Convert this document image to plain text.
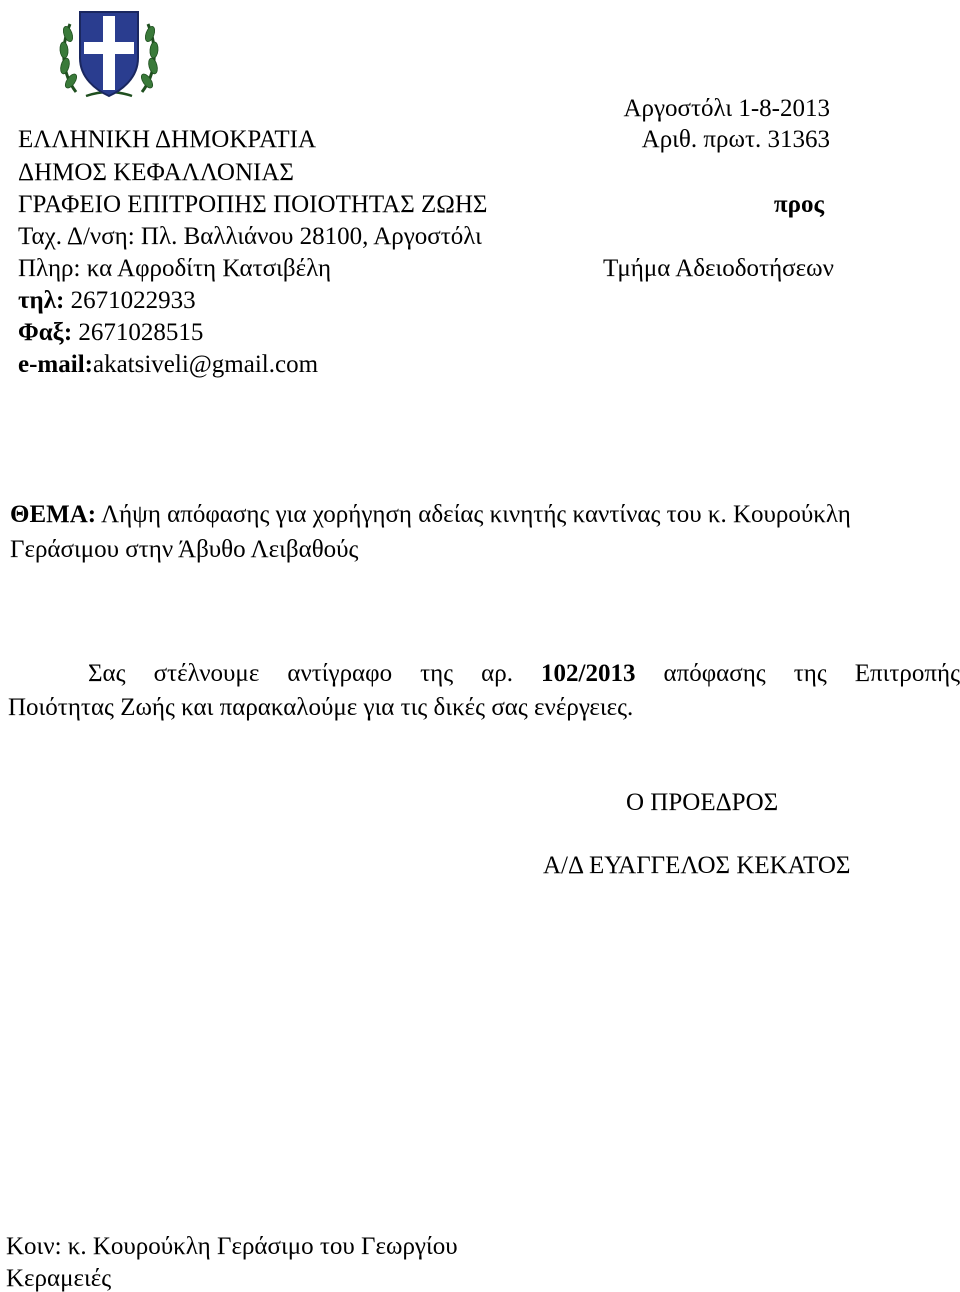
ΕΛΛΗΝΙΚΗ ΔΗΜΟΚΡΑΤΙΑ
ΔΗΜΟΣ ΚΕΦΑΛΛΟΝΙΑΣ
ΓΡΑΦΕΙΟ ΕΠΙΤΡΟΠΗΣ ΠΟΙΟΤΗΤΑΣ ΖΩΗΣ
Ταχ. Δ/νση: Πλ. Βαλλιάνου 28100, Αργοστόλι
Πληρ: κα Αφροδίτη Κατσιβέλη
τηλ: 2671022933
Φαξ: 2671028515
e-mail:akatsiveli@gmail.com
Αργοστόλι 1-8-2013
Αριθ. πρωτ. 31363
προς
Τμήμα Αδειοδοτήσεων
ΘΕΜΑ: Λήψη απόφασης για χορήγηση αδείας κινητής καντίνας του κ. Κουρούκλη
Γεράσιμου στην Άβυθο Λειβαθούς
Σας στέλνουμε αντίγραφο της αρ. 102/2013 απόφασης της Επιτροπής
Ποιότητας Ζωής και παρακαλούμε για τις δικές σας ενέργειες.
Ο ΠΡΟΕΔΡΟΣ
Α/Δ ΕΥΑΓΓΕΛΟΣ ΚΕΚΑΤΟΣ
Κοιν: κ. Κουρούκλη Γεράσιμο του Γεωργίου
Κεραμειές
